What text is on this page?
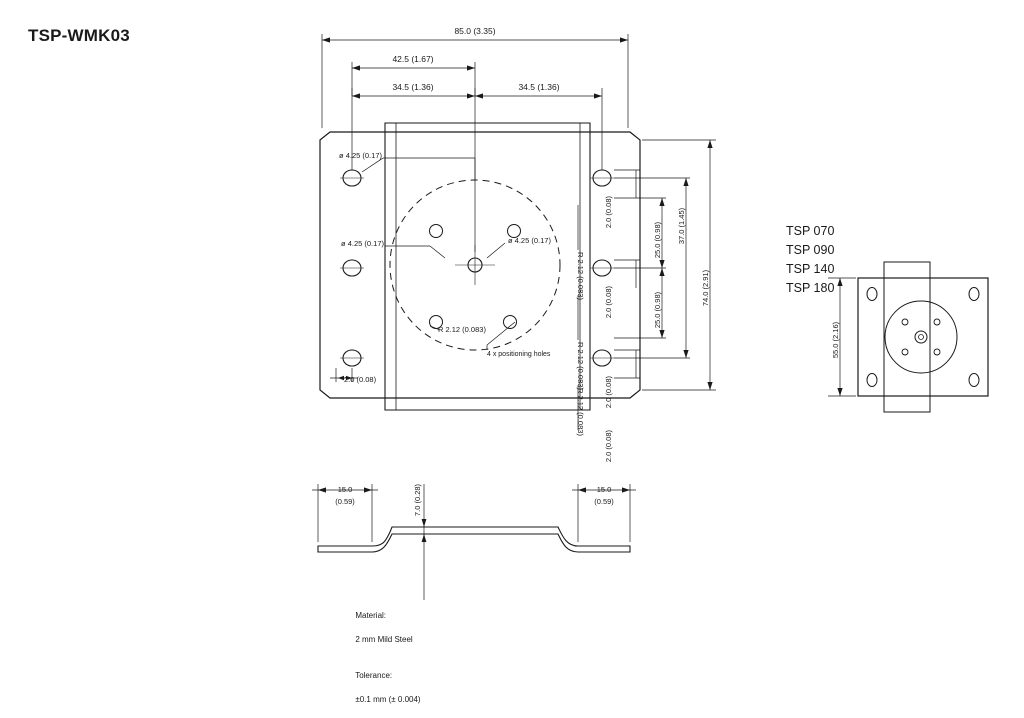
TSP-WMK03
TSP 070
TSP 090
TSP 140
TSP 180

Material:

2 mm Mild Steel

Tolerance:

±0.1 mm (± 0.004)

85.0 (3.35)
42.5 (1.67)
34.5 (1.36)	34.5 (1.36)
ø 4.25 (0.17)
ø 4.25 (0.17)	ø 4.25 (0.17)
R 2.12 (0.083)
4 x positioning holes
2.0 (0.08)
R 2.12 (0.083)
R 2.12 (0.083)
R 2.12 (0.083)
2.0 (0.08)
2.0 (0.08)
2.0 (0.08)
2.0 (0.08)
25.0 (0.98)
25.0 (0.98)
37.0 (1.45)
74.0 (2.91)
55.0 (2.16)
15.0
(0.59)
15.0
(0.59)
7.0 (0.28)
